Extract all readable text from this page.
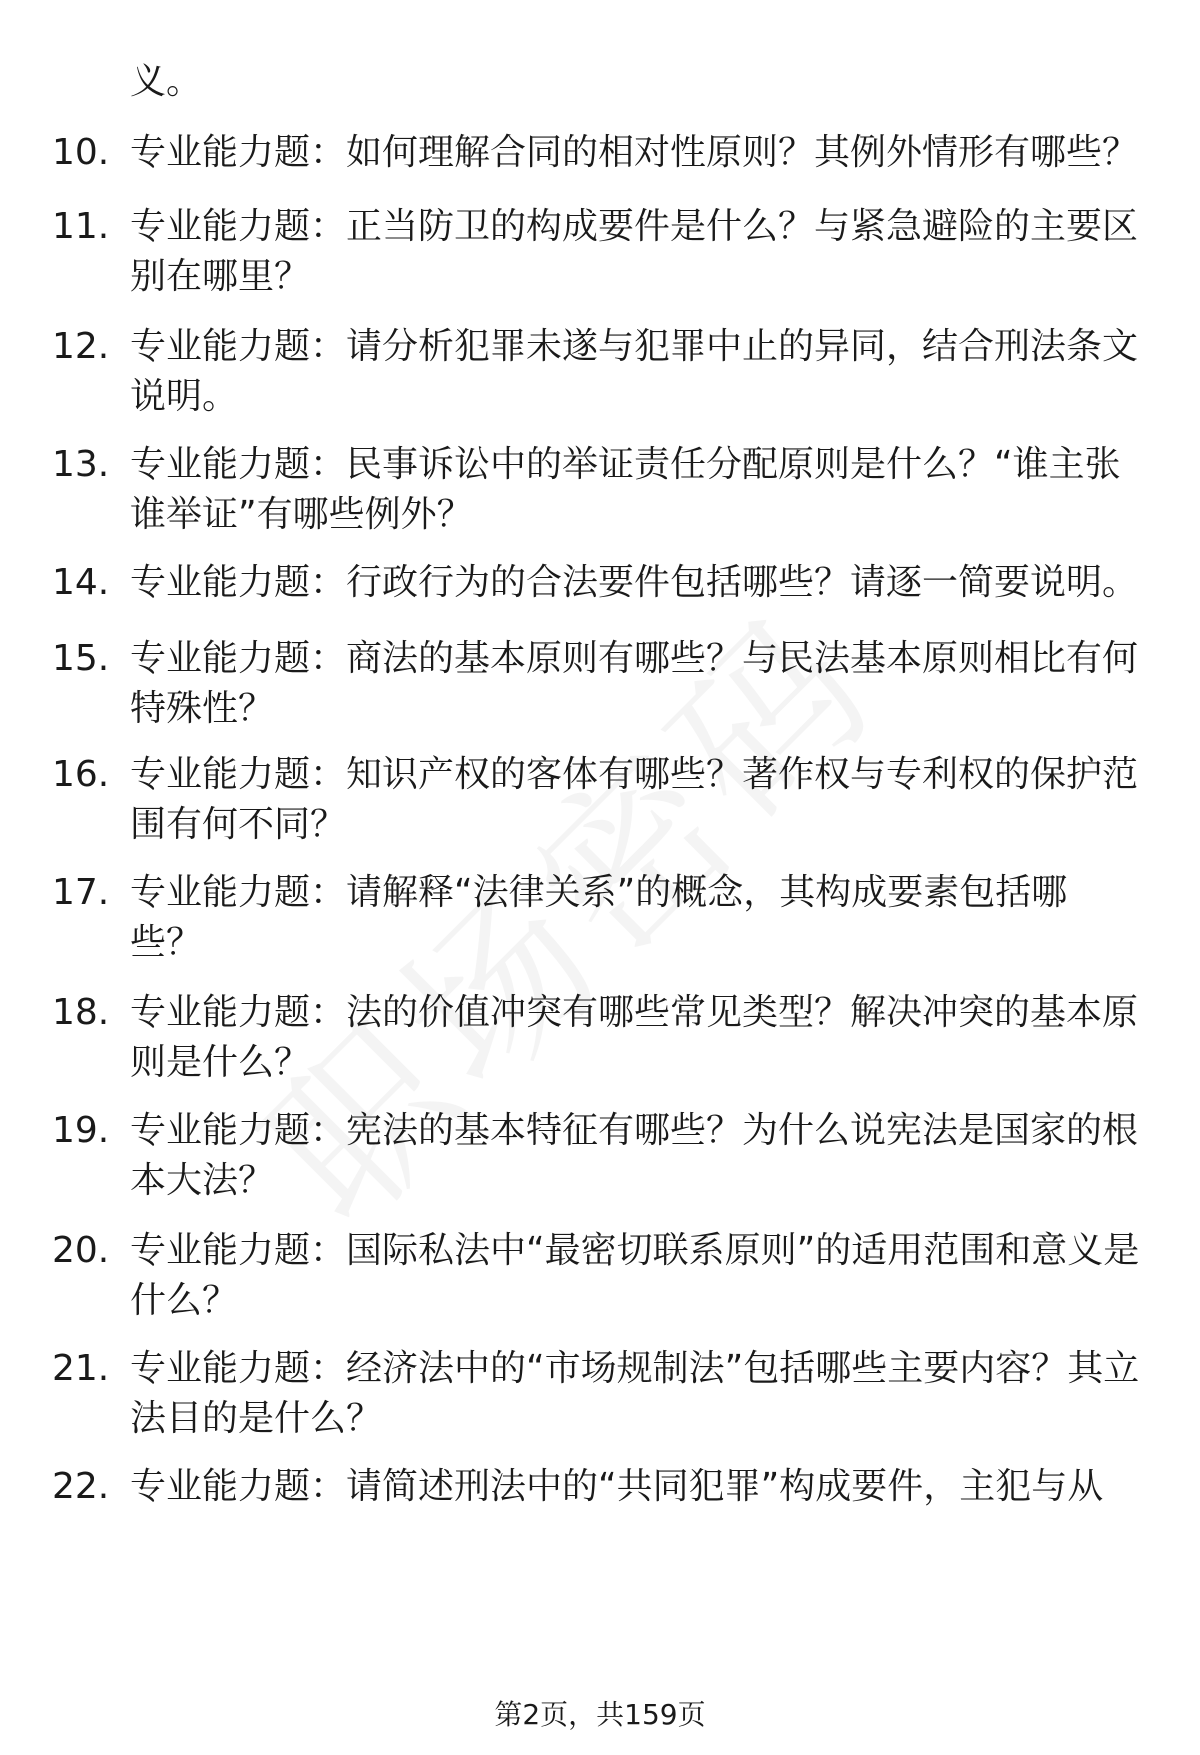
义。
10. 专业能力题：如何理解合同的相对性原则？其例外情形有哪些？
11. 专业能力题：正当防卫的构成要件是什么？与紧急避险的主要区别在哪里？
12. 专业能力题：请分析犯罪未遂与犯罪中止的异同，结合刑法条文说明。
13. 专业能力题：民事诉讼中的举证责任分配原则是什么？“谁主张谁举证”有哪些例外？
14. 专业能力题：行政行为的合法要件包括哪些？请逐一简要说明。
15. 专业能力题：商法的基本原则有哪些？与民法基本原则相比有何特殊性？
16. 专业能力题：知识产权的客体有哪些？著作权与专利权的保护范围有何不同？
17. 专业能力题：请解释“法律关系”的概念，其构成要素包括哪些？
18. 专业能力题：法的价值冲突有哪些常见类型？解决冲突的基本原则是什么？
19. 专业能力题：宪法的基本特征有哪些？为什么说宪法是国家的根本大法？
20. 专业能力题：国际私法中“最密切联系原则”的适用范围和意义是什么？
21. 专业能力题：经济法中的“市场规制法”包括哪些主要内容？其立法目的是什么？
22. 专业能力题：请简述刑法中的“共同犯罪”构成要件，主犯与从
第2页，共159页
